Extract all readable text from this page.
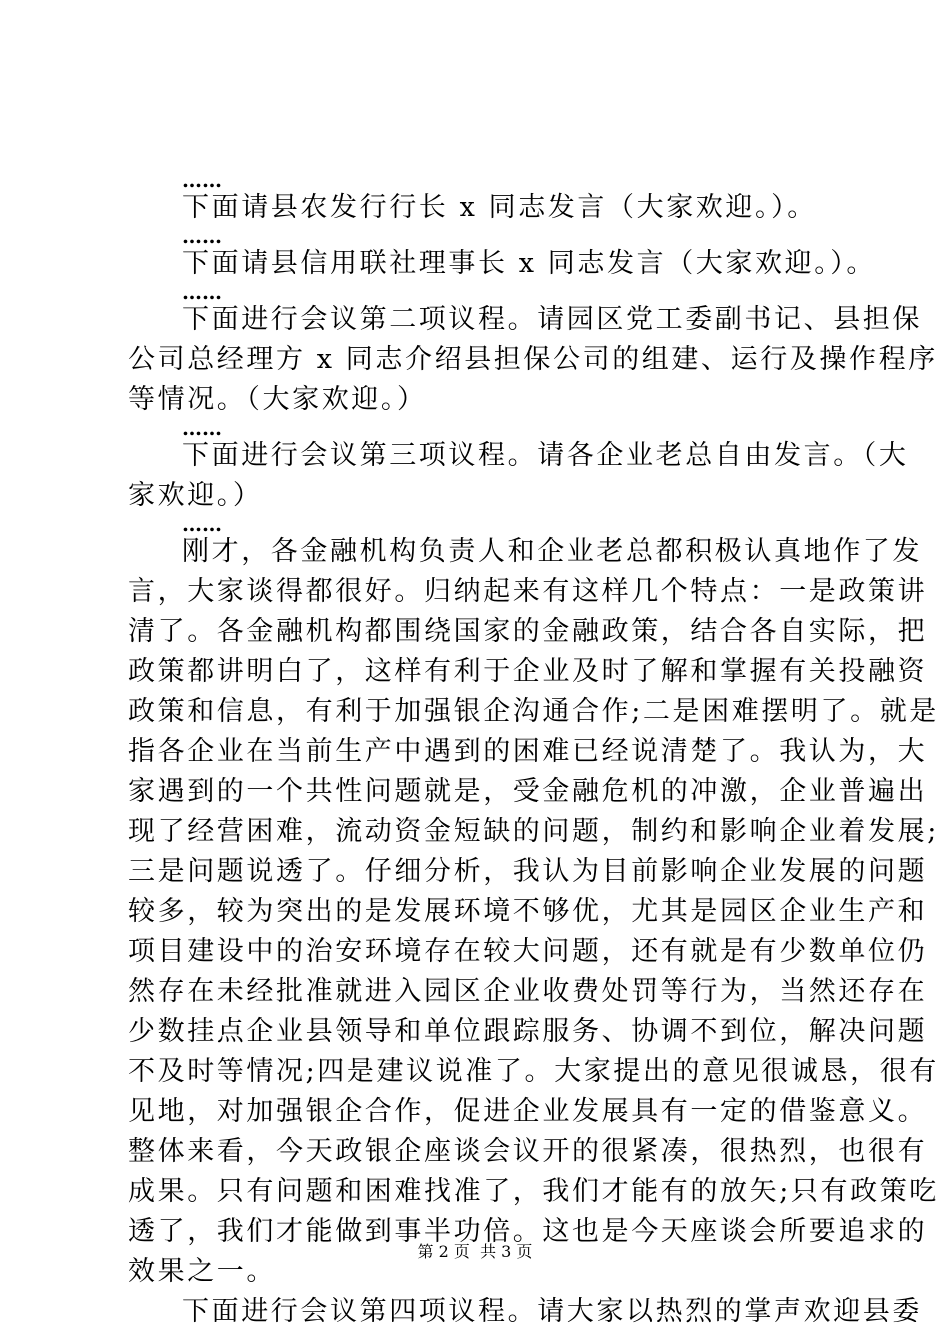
……
下面请县农发行行长 x 同志发言（大家欢迎。）。
……
下面请县信用联社理事长 x 同志发言（大家欢迎。）。
……
下面进行会议第二项议程。请园区党工委副书记、县担保
公司总经理方 x 同志介绍县担保公司的组建、运行及操作程序
等情况。（大家欢迎。）
……
下面进行会议第三项议程。请各企业老总自由发言。（大
家欢迎。）
……
刚才，各金融机构负责人和企业老总都积极认真地作了发
言，大家谈得都很好。归纳起来有这样几个特点：一是政策讲
清了。各金融机构都围绕国家的金融政策，结合各自实际，把
政策都讲明白了，这样有利于企业及时了解和掌握有关投融资
政策和信息，有利于加强银企沟通合作;二是困难摆明了。就是
指各企业在当前生产中遇到的困难已经说清楚了。我认为，大
家遇到的一个共性问题就是，受金融危机的冲激，企业普遍出
现了经营困难，流动资金短缺的问题，制约和影响企业着发展;
三是问题说透了。仔细分析，我认为目前影响企业发展的问题
较多，较为突出的是发展环境不够优，尤其是园区企业生产和
项目建设中的治安环境存在较大问题，还有就是有少数单位仍
然存在未经批准就进入园区企业收费处罚等行为，当然还存在
少数挂点企业县领导和单位跟踪服务、协调不到位，解决问题
不及时等情况;四是建议说准了。大家提出的意见很诚恳，很有
见地，对加强银企合作，促进企业发展具有一定的借鉴意义。
整体来看，今天政银企座谈会议开的很紧凑，很热烈，也很有
成果。只有问题和困难找准了，我们才能有的放矢;只有政策吃
透了，我们才能做到事半功倍。这也是今天座谈会所要追求的
效果之一。
下面进行会议第四项议程。请大家以热烈的掌声欢迎县委
第 2 页  共 3 页
